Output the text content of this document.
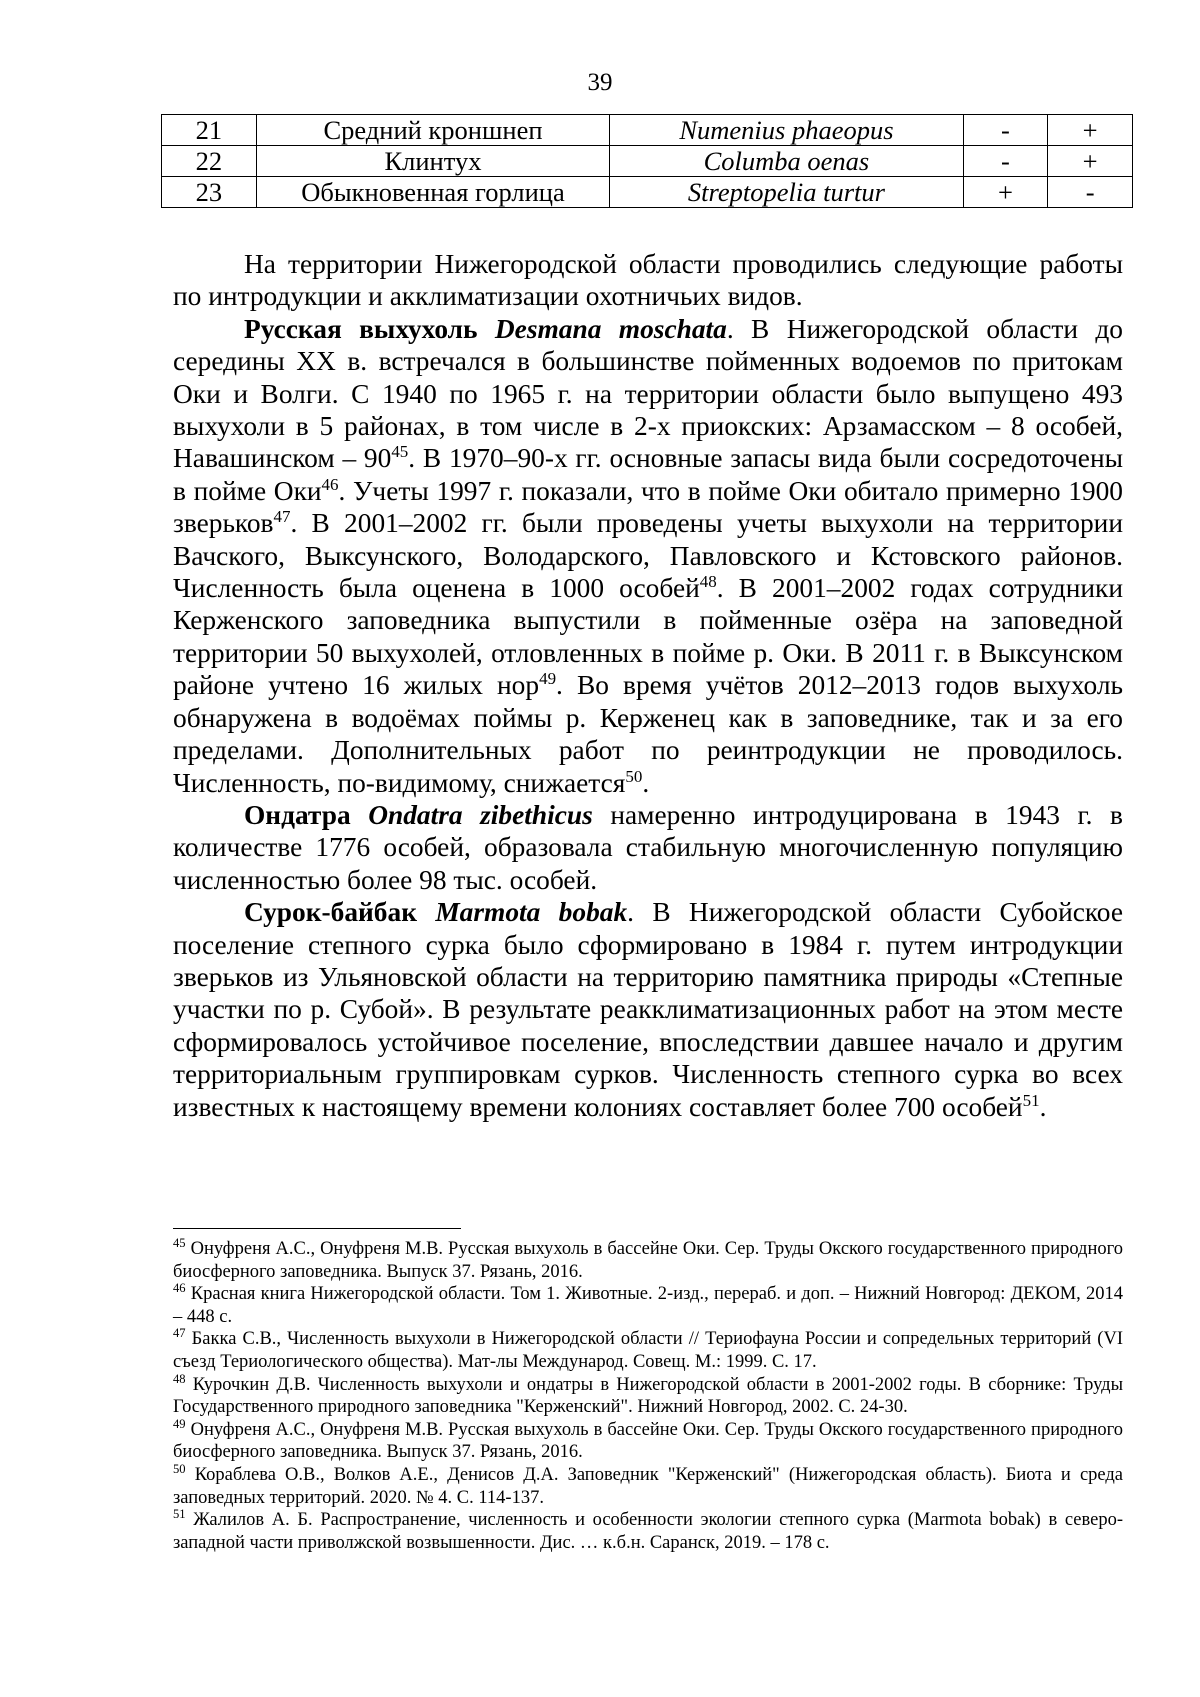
39
21	Средний кроншнеп	Numenius phaeopus	-	+
22	Клинтух	Columba oenas	-	+
23	Обыкновенная горлица	Streptopelia turtur	+	-

На территории Нижегородской области проводились следующие работы по интродукции и акклиматизации охотничьих видов.

Русская выхухоль Desmana moschata. В Нижегородской области до середины XX в. встречался в большинстве пойменных водоемов по притокам Оки и Волги. С 1940 по 1965 г. на территории области было выпущено 493 выхухоли в 5 районах, в том числе в 2-х приокских: Арзамасском – 8 особей, Навашинском – $90^{45}$. В 1970–90-х гг. основные запасы вида были сосредоточены в пойме Оки$^{46}$. Учеты 1997 г. показали, что в пойме Оки обитало примерно 1900 зверьков$^{47}$. В 2001–2002 гг. были проведены учеты выхухоли на территории Вачского, Выксунского, Володарского, Павловского и Кстовского районов. Численность была оценена в 1000 особей$^{48}$. В 2001–2002 годах сотрудники Керженского заповедника выпустили в пойменные озёра на заповедной территории 50 выхухолей, отловленных в пойме р. Оки. В 2011 г. в Выксунском районе учтено 16 жилых нор$^{49}$. Во время учётов 2012–2013 годов выхухоль обнаружена в водоёмах поймы р. Керженец как в заповеднике, так и за его пределами. Дополнительных работ по реинтродукции не проводилось. Численность, по-видимому, снижается$^{50}$.

Ондатра Ondatra zibethicus намеренно интродуцирована в 1943 г. в количестве 1776 особей, образовала стабильную многочисленную популяцию численностью более 98 тыс. особей.

Сурок-байбак Marmota bobak. В Нижегородской области Субойское поселение степного сурка было сформировано в 1984 г. путем интродукции зверьков из Ульяновской области на территорию памятника природы «Степные участки по р. Субой». В результате реакклиматизационных работ на этом месте сформировалось устойчивое поселение, впоследствии давшее начало и другим территориальным группировкам сурков. Численность степного сурка во всех известных к настоящему времени колониях составляет более 700 особей$^{51}$.

$^{45}$ Онуфреня А.С., Онуфреня М.В. Русская выхухоль в бассейне Оки. Сер. Труды Окского государственного природного биосферного заповедника. Выпуск 37. Рязань, 2016.

$^{46}$ Красная книга Нижегородской области. Том 1. Животные. 2-изд., перераб. и доп. – Нижний Новгород: ДЕКОМ, 2014 – 448 с.

$^{47}$ Бакка С.В., Численность выхухоли в Нижегородской области // Териофауна России и сопредельных территорий (VI съезд Териологического общества). Мат-лы Международ. Совещ. М.: 1999. С. 17.

$^{48}$ Курочкин Д.В. Численность выхухоли и ондатры в Нижегородской области в 2001-2002 годы. В сборнике: Труды Государственного природного заповедника "Керженский". Нижний Новгород, 2002. С. 24-30.

$^{49}$ Онуфреня А.С., Онуфреня М.В. Русская выхухоль в бассейне Оки. Сер. Труды Окского государственного природного биосферного заповедника. Выпуск 37. Рязань, 2016.

$^{50}$ Кораблева О.В., Волков А.Е., Денисов Д.А. Заповедник "Керженский" (Нижегородская область). Биота и среда заповедных территорий. 2020. № 4. С. 114-137.

$^{51}$ Жалилов А. Б. Распространение, численность и особенности экологии степного сурка (Marmota bobak) в северо-западной части приволжской возвышенности. Дис. … к.б.н. Саранск, 2019. – 178 с.
